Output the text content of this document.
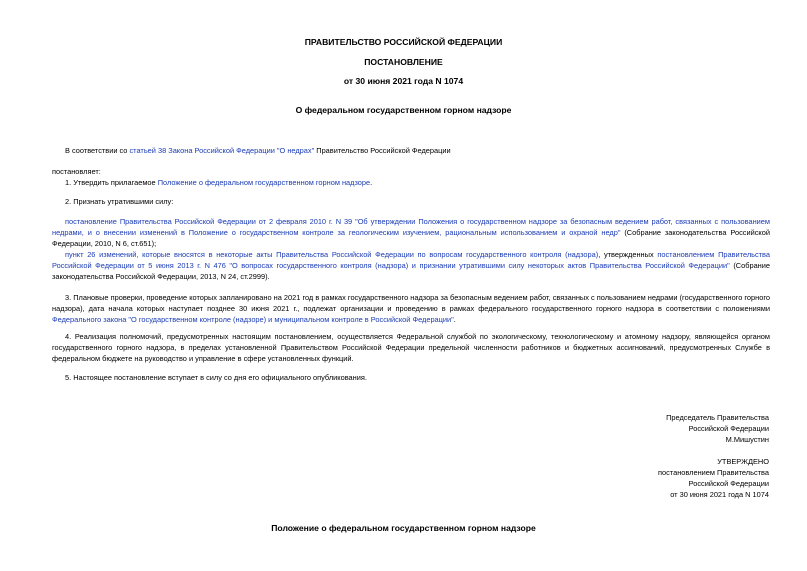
ПРАВИТЕЛЬСТВО РОССИЙСКОЙ ФЕДЕРАЦИИ
ПОСТАНОВЛЕНИЕ
от 30 июня 2021 года N 1074
О федеральном государственном горном надзоре
В соответствии со статьей 38 Закона Российской Федерации "О недрах" Правительство Российской Федерации
постановляет:
1. Утвердить прилагаемое Положение о федеральном государственном горном надзоре.
2. Признать утратившими силу:
постановление Правительства Российской Федерации от 2 февраля 2010 г. N 39 "Об утверждении Положения о государственном надзоре за безопасным ведением работ, связанных с пользованием недрами, и о внесении изменений в Положение о государственном контроле за геологическим изучением, рациональным использованием и охраной недр" (Собрание законодательства Российской Федерации, 2010, N 6, ст.651);
пункт 26 изменений, которые вносятся в некоторые акты Правительства Российской Федерации по вопросам государственного контроля (надзора), утвержденных постановлением Правительства Российской Федерации от 5 июня 2013 г. N 476 "О вопросах государственного контроля (надзора) и признании утратившими силу некоторых актов Правительства Российской Федерации" (Собрание законодательства Российской Федерации, 2013, N 24, ст.2999).
3. Плановые проверки, проведение которых запланировано на 2021 год в рамках государственного надзора за безопасным ведением работ, связанных с пользованием недрами (государственного горного надзора), дата начала которых наступает позднее 30 июня 2021 г., подлежат организации и проведению в рамках федерального государственного горного надзора в соответствии с положениями Федерального закона "О государственном контроле (надзоре) и муниципальном контроле в Российской Федерации".
4. Реализация полномочий, предусмотренных настоящим постановлением, осуществляется Федеральной службой по экологическому, технологическому и атомному надзору, являющейся органом государственного горного надзора, в пределах установленной Правительством Российской Федерации предельной численности работников и бюджетных ассигнований, предусмотренных Службе в федеральном бюджете на руководство и управление в сфере установленных функций.
5. Настоящее постановление вступает в силу со дня его официального опубликования.
Председатель Правительства
Российской Федерации
М.Мишустин
УТВЕРЖДЕНО
постановлением Правительства
Российской Федерации
от 30 июня 2021 года N 1074
Положение о федеральном государственном горном надзоре
